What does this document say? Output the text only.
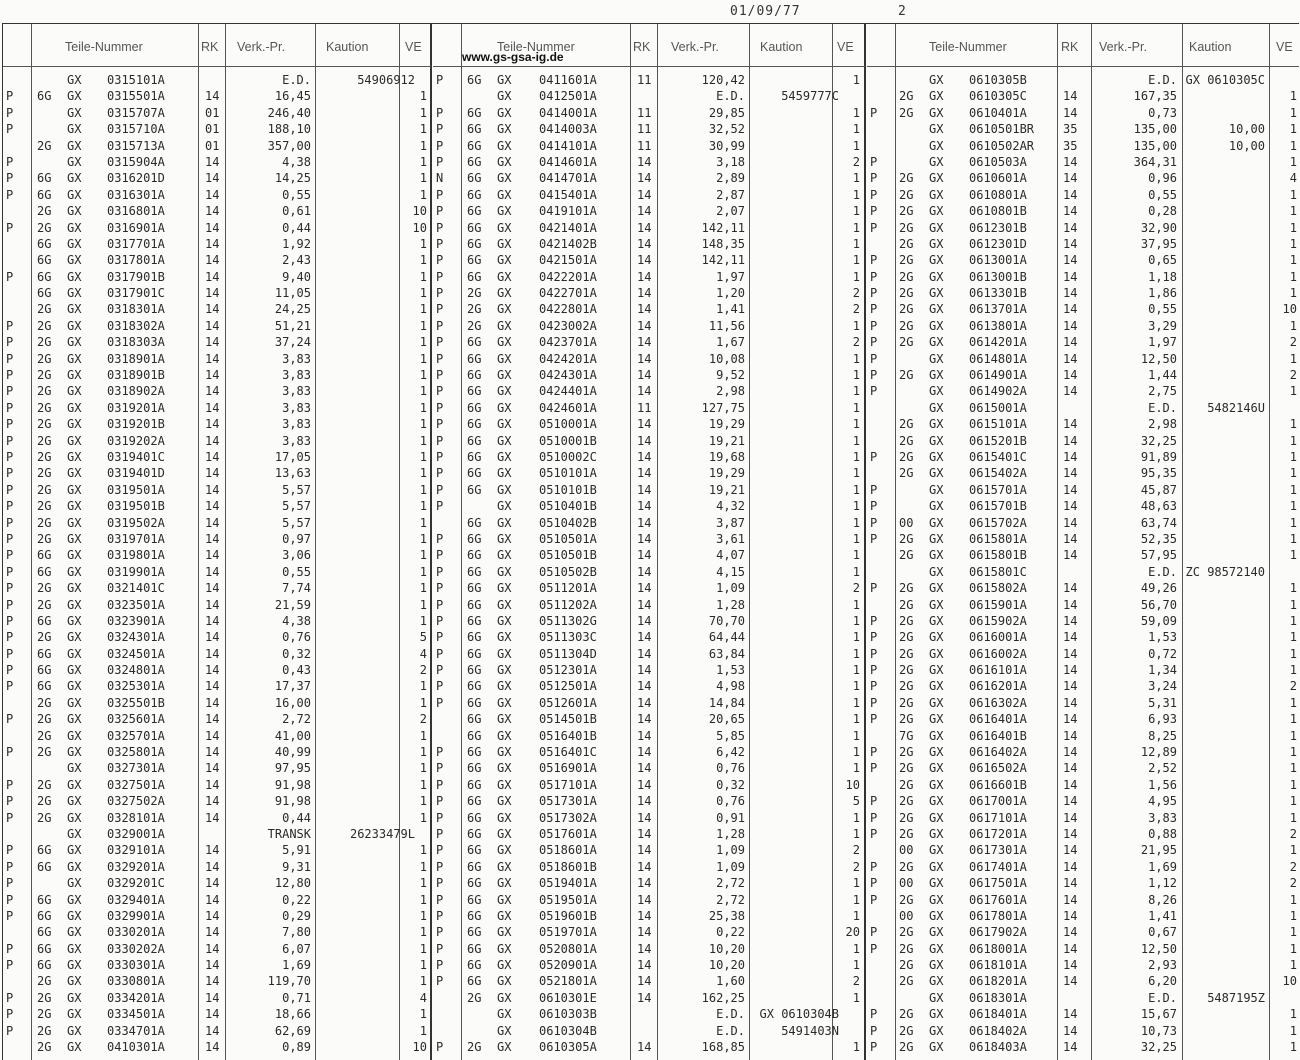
01/09/77	2
www.gs-gsa-ig.de
Teile-Nummer	RK Verk.-Pr.	Kaution	VE
GX	0315101A	E.D.	54906912
P	6G	GX	0315501A	14	16,45	1
P	GX	0315707A	01	246,40	1
P	GX	0315710A	01	188,10	1
2G	GX	0315713A	01	357,00	1
P	GX	0315904A	14	4,38	1
P	6G	GX	0316201D	14	14,25	1
P	6G	GX	0316301A	14	0,55	1
2G	GX	0316801A	14	0,61	10
P	2G	GX	0316901A	14	0,44	10
6G	GX	0317701A	14	1,92	1
6G	GX	0317801A	14	2,43	1
P	6G	GX	0317901B	14	9,40	1
6G	GX	0317901C	14	11,05	1
2G	GX	0318301A	14	24,25	1
P	2G	GX	0318302A	14	51,21	1
P	2G	GX	0318303A	14	37,24	1
P	2G	GX	0318901A	14	3,83	1
P	2G	GX	0318901B	14	3,83	1
P	2G	GX	0318902A	14	3,83	1
P	2G	GX	0319201A	14	3,83	1
P	2G	GX	0319201B	14	3,83	1
P	2G	GX	0319202A	14	3,83	1
P	2G	GX	0319401C	14	17,05	1
P	2G	GX	0319401D	14	13,63	1
P	2G	GX	0319501A	14	5,57	1
P	2G	GX	0319501B	14	5,57	1
P	2G	GX	0319502A	14	5,57	1
P	2G	GX	0319701A	14	0,97	1
P	6G	GX	0319801A	14	3,06	1
P	6G	GX	0319901A	14	0,55	1
P	2G	GX	0321401C	14	7,74	1
P	2G	GX	0323501A	14	21,59	1
P	6G	GX	0323901A	14	4,38	1
P	2G	GX	0324301A	14	0,76	5
P	6G	GX	0324501A	14	0,32	4
P	6G	GX	0324801A	14	0,43	2
P	6G	GX	0325301A	14	17,37	1
2G	GX	0325501B	14	16,00	1
P	2G	GX	0325601A	14	2,72	2
2G	GX	0325701A	14	41,00	1
P	2G	GX	0325801A	14	40,99	1
GX	0327301A	14	97,95	1
P	2G	GX	0327501A	14	91,98	1
P	2G	GX	0327502A	14	91,98	1
P	2G	GX	0328101A	14	0,44	1
GX	0329001A	TRANSK	26233479L
P	6G	GX	0329101A	14	5,91	1
P	6G	GX	0329201A	14	9,31	1
P	GX	0329201C	14	12,80	1
P	6G	GX	0329401A	14	0,22	1
P	6G	GX	0329901A	14	0,29	1
6G	GX	0330201A	14	7,80	1
P	6G	GX	0330202A	14	6,07	1
P	6G	GX	0330301A	14	1,69	1
2G	GX	0330801A	14	119,70	1
P	2G	GX	0334201A	14	0,71	4
P	2G	GX	0334501A	14	18,66	1
P	2G	GX	0334701A	14	62,69	1
2G	GX	0410301A	14	0,89	10
Teile-Nummer	RK Verk.-Pr.	Kaution	VE
P	6G	GX	0411601A	11	120,42	1
GX	0412501A	E.D.	5459777C
P	6G	GX	0414001A	11	29,85	1
P	6G	GX	0414003A	11	32,52	1
P	6G	GX	0414101A	11	30,99	1
P	6G	GX	0414601A	14	3,18	2
N	6G	GX	0414701A	14	2,89	1
P	6G	GX	0415401A	14	2,87	1
P	6G	GX	0419101A	14	2,07	1
P	6G	GX	0421401A	14	142,11	1
P	6G	GX	0421402B	14	148,35	1
P	6G	GX	0421501A	14	142,11	1
P	6G	GX	0422201A	14	1,97	1
P	2G	GX	0422701A	14	1,20	2
P	2G	GX	0422801A	14	1,41	2
P	2G	GX	0423002A	14	11,56	1
P	6G	GX	0423701A	14	1,67	2
P	6G	GX	0424201A	14	10,08	1
P	6G	GX	0424301A	14	9,52	1
P	6G	GX	0424401A	14	2,98	1
P	6G	GX	0424601A	11	127,75	1
P	6G	GX	0510001A	14	19,29	1
P	6G	GX	0510001B	14	19,21	1
P	6G	GX	0510002C	14	19,68	1
P	6G	GX	0510101A	14	19,29	1
P	6G	GX	0510101B	14	19,21	1
P	GX	0510401B	14	4,32	1
6G	GX	0510402B	14	3,87	1
P	6G	GX	0510501A	14	3,61	1
P	6G	GX	0510501B	14	4,07	1
P	6G	GX	0510502B	14	4,15	1
P	6G	GX	0511201A	14	1,09	2
P	6G	GX	0511202A	14	1,28	1
P	6G	GX	0511302G	14	70,70	1
P	6G	GX	0511303C	14	64,44	1
P	6G	GX	0511304D	14	63,84	1
P	6G	GX	0512301A	14	1,53	1
P	6G	GX	0512501A	14	4,98	1
P	6G	GX	0512601A	14	14,84	1
6G	GX	0514501B	14	20,65	1
6G	GX	0516401B	14	5,85	1
P	6G	GX	0516401C	14	6,42	1
P	6G	GX	0516901A	14	0,76	1
P	6G	GX	0517101A	14	0,32	10
P	6G	GX	0517301A	14	0,76	5
P	6G	GX	0517302A	14	0,91	1
P	6G	GX	0517601A	14	1,28	1
P	6G	GX	0518601A	14	1,09	2
P	6G	GX	0518601B	14	1,09	2
P	6G	GX	0519401A	14	2,72	1
P	6G	GX	0519501A	14	2,72	1
P	6G	GX	0519601B	14	25,38	1
P	6G	GX	0519701A	14	0,22	20
P	6G	GX	0520801A	14	10,20	1
P	6G	GX	0520901A	14	10,20	1
P	6G	GX	0521801A	14	1,60	2
2G	GX	0610301E	14	162,25	1
GX	0610303B	E.D.	GX 0610304B
GX	0610304B	E.D.	5491403N
P	2G	GX	0610305A	14	168,85	1
Teile-Nummer	RK Verk.-Pr.	Kaution	VE
GX	0610305B	E.D. GX 0610305C
2G	GX	0610305C	14	167,35	1
P	2G	GX	0610401A	14	0,73	1
GX	0610501BR	35	135,00	10,00	1
GX	0610502AR	35	135,00	10,00	1
P	GX	0610503A	14	364,31	1
P	2G	GX	0610601A	14	0,96	4
P	2G	GX	0610801A	14	0,55	1
P	2G	GX	0610801B	14	0,28	1
P	2G	GX	0612301B	14	32,90	1
2G	GX	0612301D	14	37,95	1
P	2G	GX	0613001A	14	0,65	1
P	2G	GX	0613001B	14	1,18	1
P	2G	GX	0613301B	14	1,86	1
P	2G	GX	0613701A	14	0,55	10
P	2G	GX	0613801A	14	3,29	1
P	2G	GX	0614201A	14	1,97	2
P	GX	0614801A	14	12,50	1
P	2G	GX	0614901A	14	1,44	2
P	GX	0614902A	14	2,75	1
GX	0615001A	E.D.	5482146U
2G	GX	0615101A	14	2,98	1
2G	GX	0615201B	14	32,25	1
P	2G	GX	0615401C	14	91,89	1
2G	GX	0615402A	14	95,35	1
P	GX	0615701A	14	45,87	1
P	GX	0615701B	14	48,63	1
P	00	GX	0615702A	14	63,74	1
P	2G	GX	0615801A	14	52,35	1
2G	GX	0615801B	14	57,95	1
GX	0615801C	E.D. ZC 98572140
P	2G	GX	0615802A	14	49,26	1
2G	GX	0615901A	14	56,70	1
P	2G	GX	0615902A	14	59,09	1
P	2G	GX	0616001A	14	1,53	1
P	2G	GX	0616002A	14	0,72	1
P	2G	GX	0616101A	14	1,34	1
P	2G	GX	0616201A	14	3,24	2
P	2G	GX	0616302A	14	5,31	1
P	2G	GX	0616401A	14	6,93	1
7G	GX	0616401B	14	8,25	1
P	2G	GX	0616402A	14	12,89	1
P	2G	GX	0616502A	14	2,52	1
2G	GX	0616601B	14	1,56	1
P	2G	GX	0617001A	14	4,95	1
P	2G	GX	0617101A	14	3,83	1
P	2G	GX	0617201A	14	0,88	2
00	GX	0617301A	14	21,95	1
P	2G	GX	0617401A	14	1,69	2
P	00	GX	0617501A	14	1,12	2
P	2G	GX	0617601A	14	8,26	1
00	GX	0617801A	14	1,41	1
P	2G	GX	0617902A	14	0,67	1
P	2G	GX	0618001A	14	12,50	1
2G	GX	0618101A	14	2,93	1
2G	GX	0618201A	14	6,20	10
GX	0618301A	E.D.	5487195Z
P	2G	GX	0618401A	14	15,67	1
P	2G	GX	0618402A	14	10,73	1
P	2G	GX	0618403A	14	32,25	1
